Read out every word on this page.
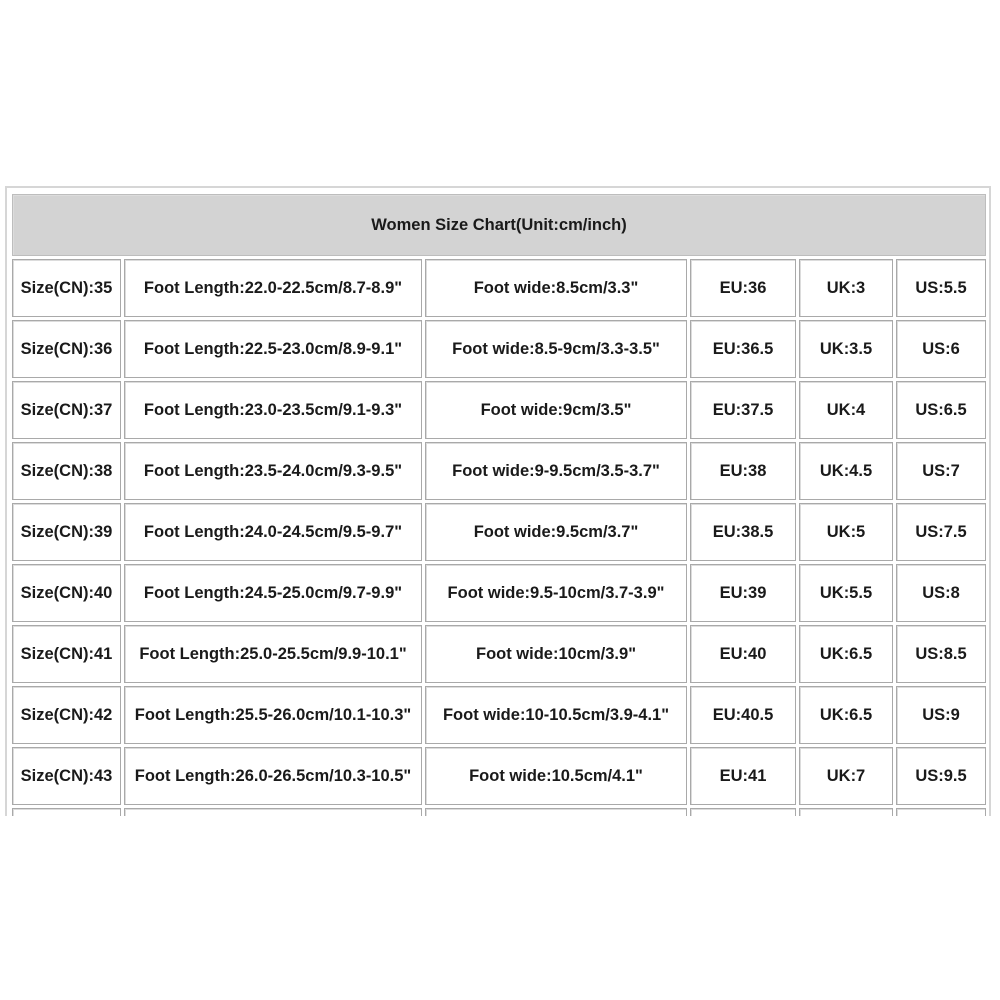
Women Size Chart(Unit:cm/inch)					
Size(CN):35	Foot Length:22.0-22.5cm/8.7-8.9"	Foot wide:8.5cm/3.3"	EU:36	UK:3	US:5.5
Size(CN):36	Foot Length:22.5-23.0cm/8.9-9.1"	Foot wide:8.5-9cm/3.3-3.5"	EU:36.5	UK:3.5	US:6
Size(CN):37	Foot Length:23.0-23.5cm/9.1-9.3"	Foot wide:9cm/3.5"	EU:37.5	UK:4	US:6.5
Size(CN):38	Foot Length:23.5-24.0cm/9.3-9.5"	Foot wide:9-9.5cm/3.5-3.7"	EU:38	UK:4.5	US:7
Size(CN):39	Foot Length:24.0-24.5cm/9.5-9.7"	Foot wide:9.5cm/3.7"	EU:38.5	UK:5	US:7.5
Size(CN):40	Foot Length:24.5-25.0cm/9.7-9.9"	Foot wide:9.5-10cm/3.7-3.9"	EU:39	UK:5.5	US:8
Size(CN):41	Foot Length:25.0-25.5cm/9.9-10.1"	Foot wide:10cm/3.9"	EU:40	UK:6.5	US:8.5
Size(CN):42	Foot Length:25.5-26.0cm/10.1-10.3"	Foot wide:10-10.5cm/3.9-4.1"	EU:40.5	UK:6.5	US:9
Size(CN):43	Foot Length:26.0-26.5cm/10.3-10.5"	Foot wide:10.5cm/4.1"	EU:41	UK:7	US:9.5
